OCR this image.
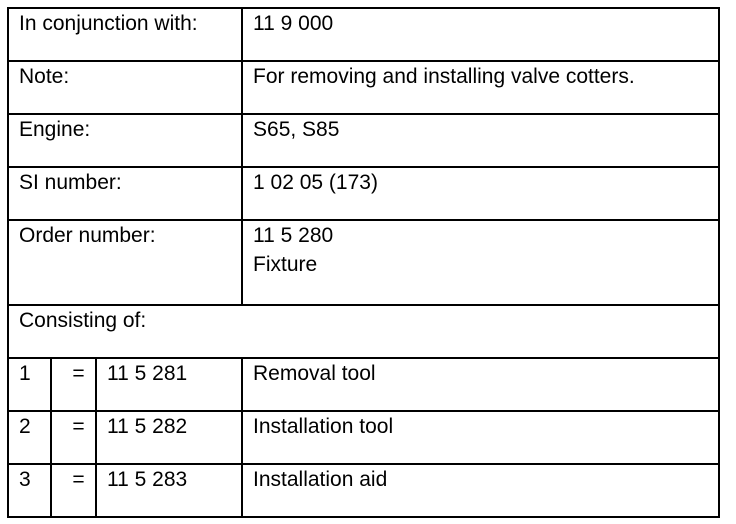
In conjunction with:			11 9 000
Note:			For removing and installing valve cotters.
Engine:			S65, S85
SI number:			1 02 05 (173)
Order number:			11 5 280
Fixture

Consisting of:			
1	=	11 5 281	Removal tool
2	=	11 5 282	Installation tool
3	=	11 5 283	Installation aid
